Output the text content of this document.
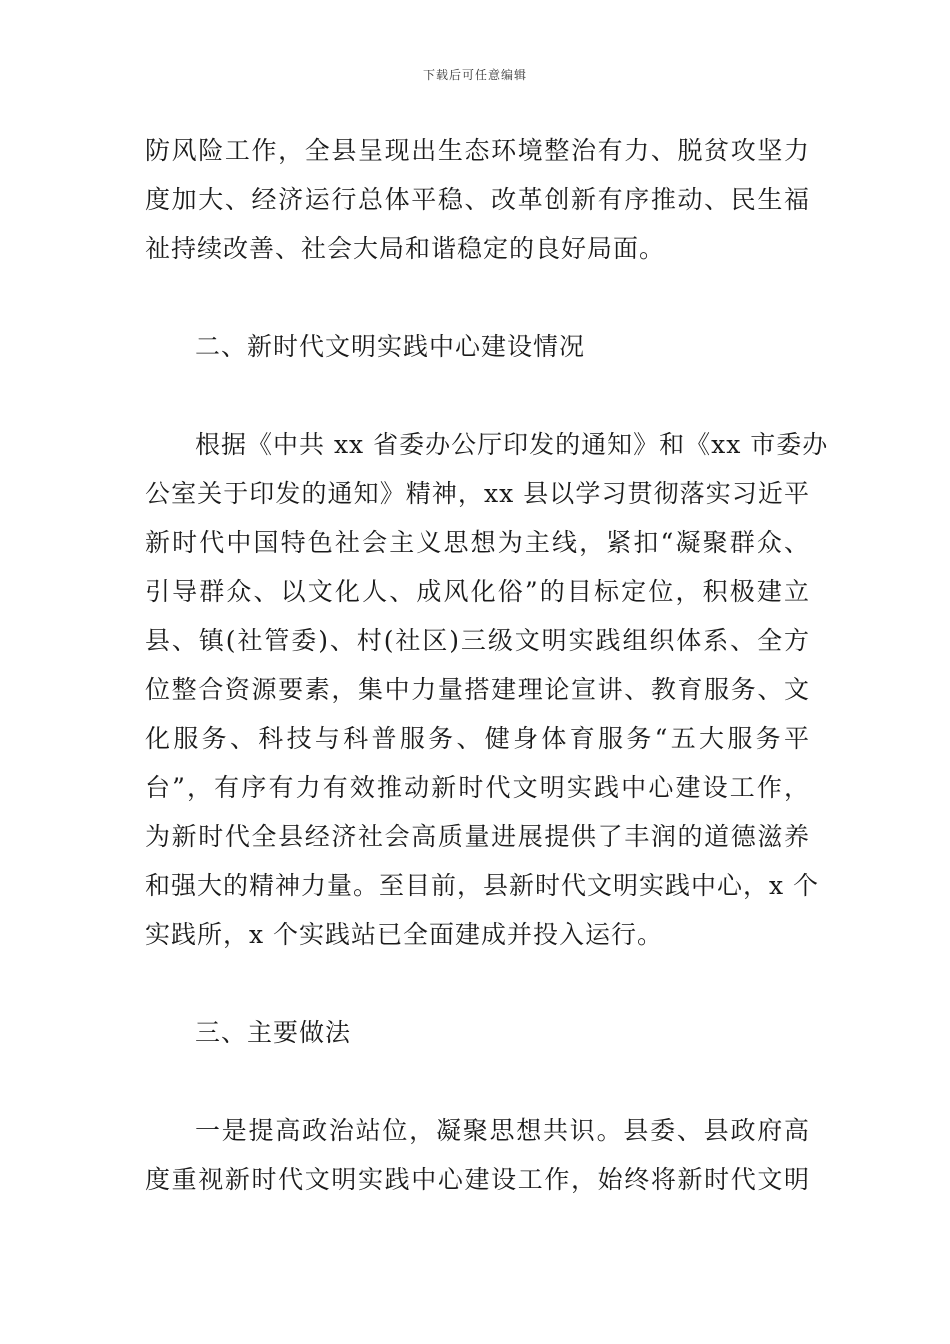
下载后可任意编辑
防风险工作，全县呈现出生态环境整治有力、脱贫攻坚力
度加大、经济运行总体平稳、改革创新有序推动、民生福
祉持续改善、社会大局和谐稳定的良好局面。
二、新时代文明实践中心建设情况
根据《中共 xx 省委办公厅印发的通知》和《xx 市委办
公室关于印发的通知》精神，xx 县以学习贯彻落实习近平
新时代中国特色社会主义思想为主线，紧扣“凝聚群众、
引导群众、以文化人、成风化俗”的目标定位，积极建立
县、镇(社管委)、村(社区)三级文明实践组织体系、全方
位整合资源要素，集中力量搭建理论宣讲、教育服务、文
化服务、科技与科普服务、健身体育服务“五大服务平
台”，有序有力有效推动新时代文明实践中心建设工作，
为新时代全县经济社会高质量进展提供了丰润的道德滋养
和强大的精神力量。至目前，县新时代文明实践中心，x 个
实践所，x 个实践站已全面建成并投入运行。
三、主要做法
一是提高政治站位，凝聚思想共识。县委、县政府高
度重视新时代文明实践中心建设工作，始终将新时代文明
